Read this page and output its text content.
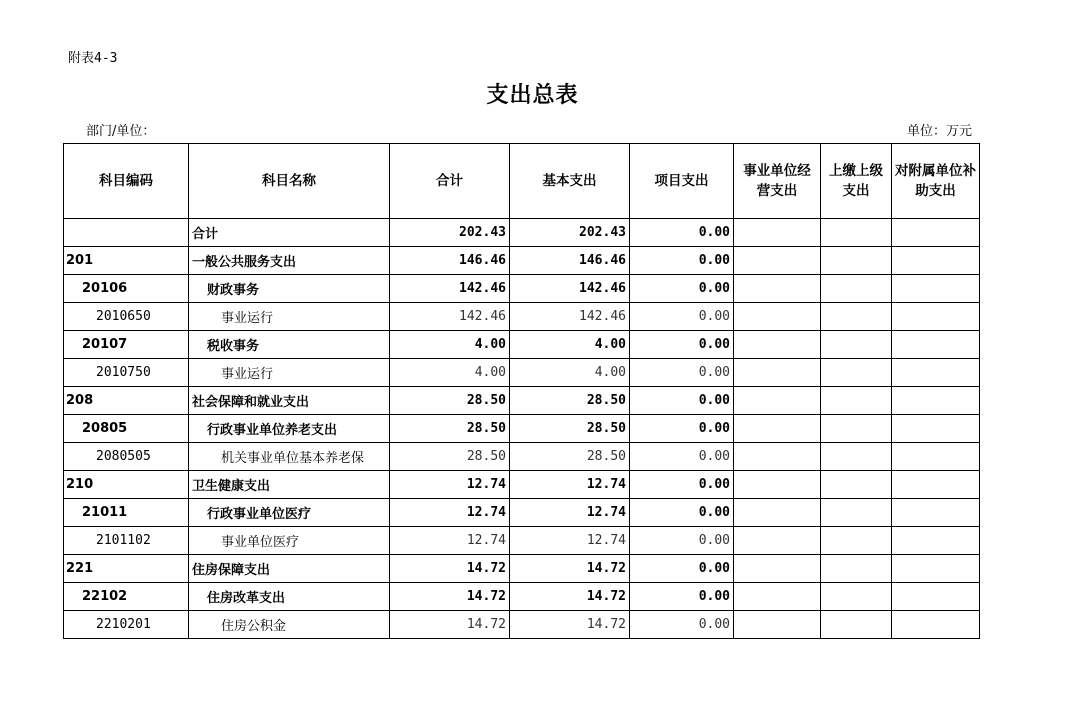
附表4-3
支出总表
部门/单位：	单位：万元
科目编码	科目名称	合计	基本支出	项目支出	事业单位经营支出	上缴上级支出	对附属单位补助支出
	合计	202.43	202.43	0.00			
201	一般公共服务支出	146.46	146.46	0.00			
20106	财政事务	142.46	142.46	0.00			
2010650	事业运行	142.46	142.46	0.00			
20107	税收事务	4.00	4.00	0.00			
2010750	事业运行	4.00	4.00	0.00			
208	社会保障和就业支出	28.50	28.50	0.00			
20805	行政事业单位养老支出	28.50	28.50	0.00			
2080505	机关事业单位基本养老保	28.50	28.50	0.00			
210	卫生健康支出	12.74	12.74	0.00			
21011	行政事业单位医疗	12.74	12.74	0.00			
2101102	事业单位医疗	12.74	12.74	0.00			
221	住房保障支出	14.72	14.72	0.00			
22102	住房改革支出	14.72	14.72	0.00			
2210201	住房公积金	14.72	14.72	0.00			
